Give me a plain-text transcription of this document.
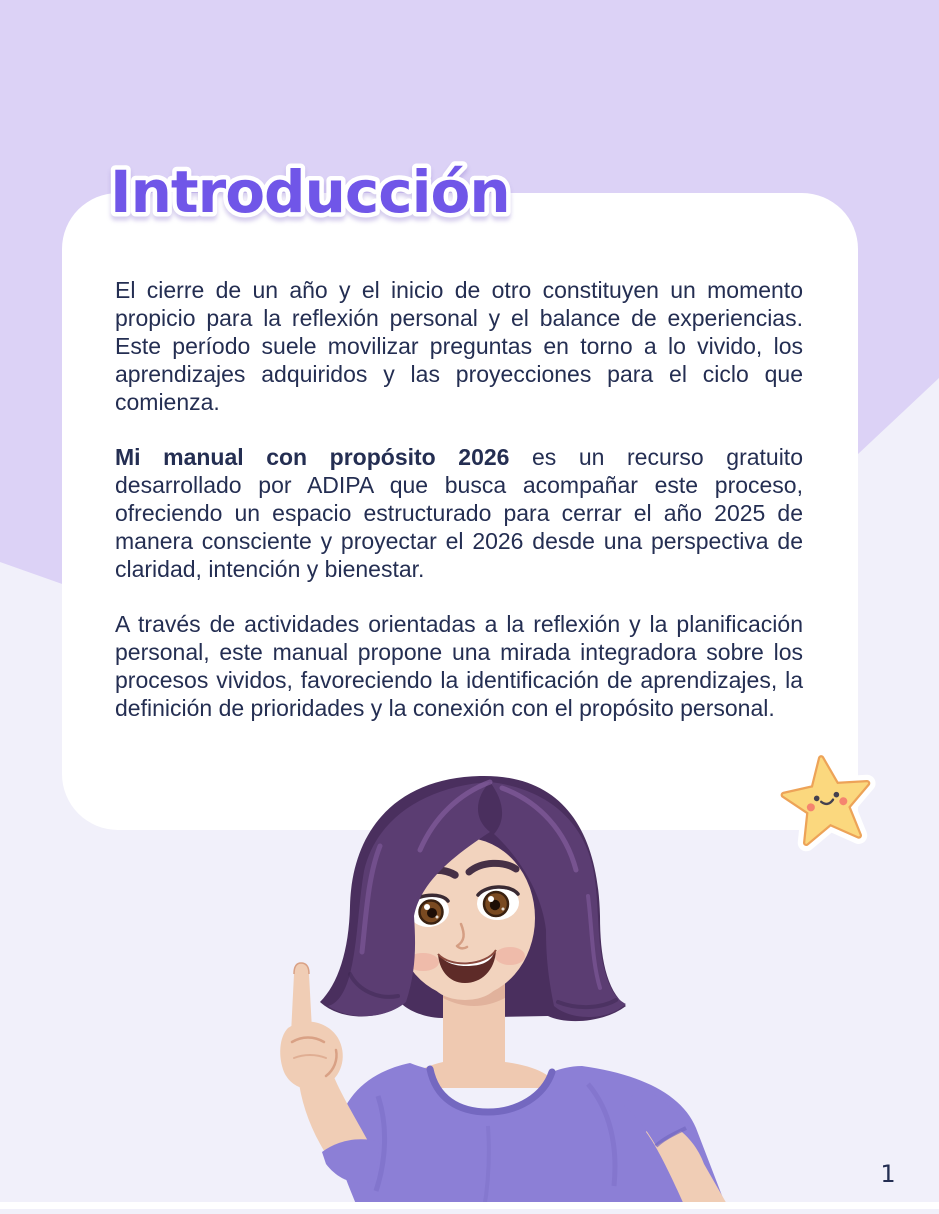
Introducción

El cierre de un año y el inicio de otro constituyen un momento propicio para la reflexión personal y el balance de experiencias. Este período suele movilizar preguntas en torno a lo vivido, los aprendizajes adquiridos y las proyecciones para el ciclo que comienza.

Mi manual con propósito 2026 es un recurso gratuito desarrollado por ADIPA que busca acompañar este proceso, ofreciendo un espacio estructurado para cerrar el año 2025 de manera consciente y proyectar el 2026 desde una perspectiva de claridad, intención y bienestar.

A través de actividades orientadas a la reflexión y la planificación personal, este manual propone una mirada integradora sobre los procesos vividos, favoreciendo la identificación de aprendizajes, la definición de prioridades y la conexión con el propósito personal.

1
